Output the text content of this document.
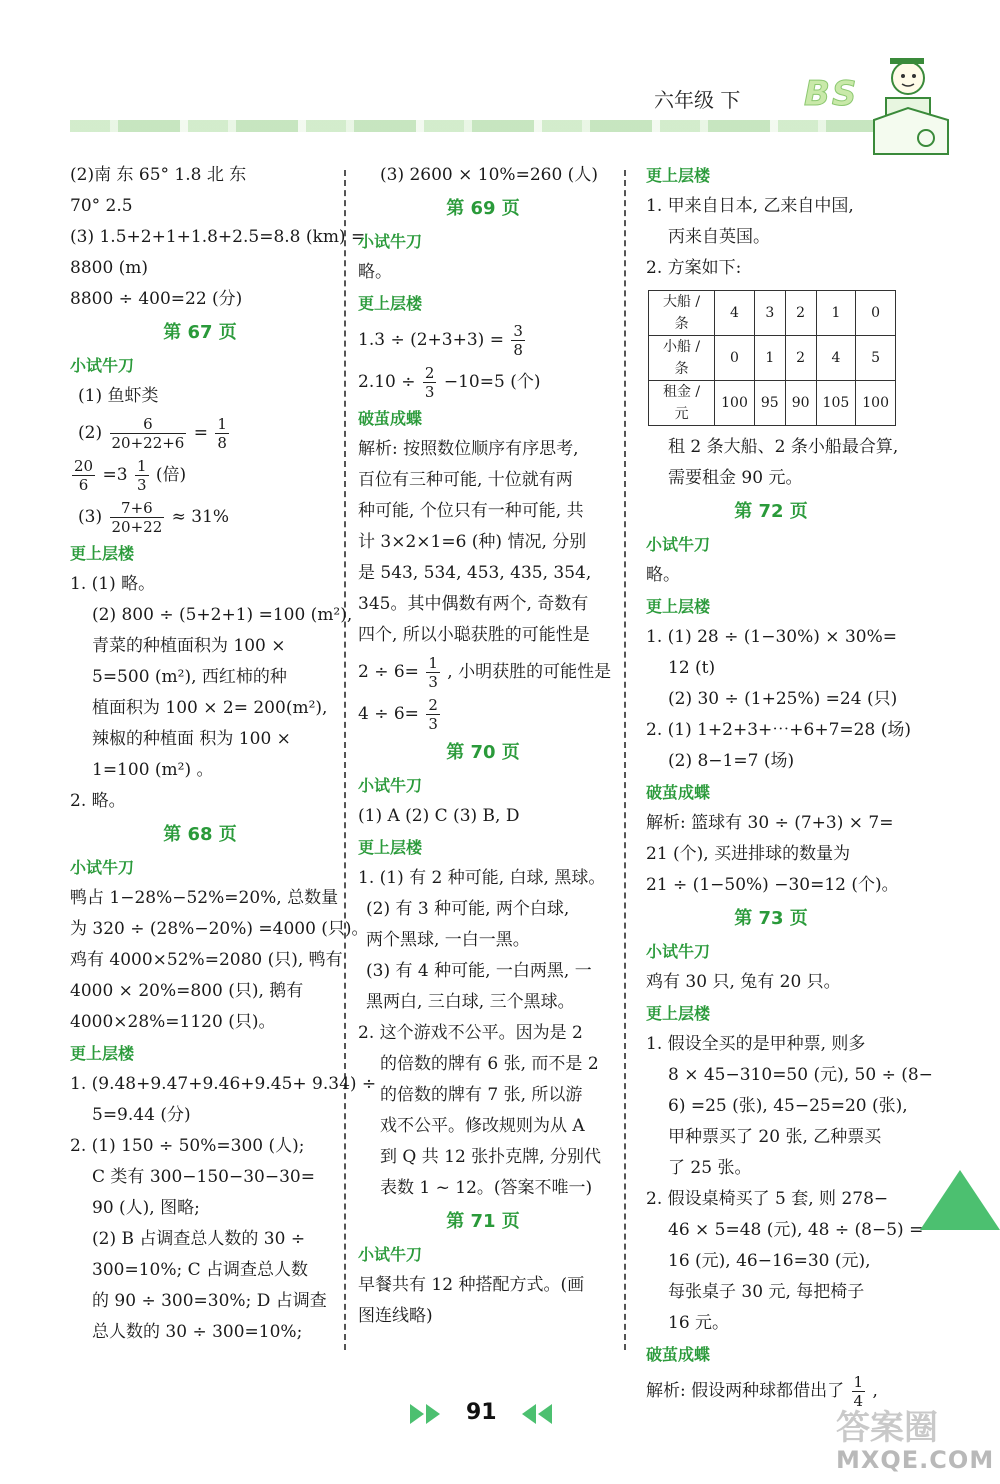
六年级 下 BS
(2)南 东 65° 1.8 北 东
70° 2.5
(3) 1.5+2+1+1.8+2.5=8.8 (km) =
8800 (m)
8800 ÷ 400=22 (分)
第 67 页
小试牛刀
(1) 鱼虾类
$(2) \frac{6}{20+22+6} = \frac{1}{8}$
$\frac{20}{6} =3 \frac{1}{3}$ (倍)
$(3) \frac{7+6}{20+22} \approx 31\%$
更上层楼
1. (1) 略。
(2) 800 ÷ (5+2+1) =100 (m²),
青菜的种植面积为 100 ×
5=500 (m²), 西红柿的种
植面积为 100 × 2= 200(m²),
辣椒的种植面 积为 100 ×
1=100 (m²) 。
2. 略。
第 68 页
小试牛刀
鸭占 1−28%−52%=20%, 总数量
为 320 ÷ (28%−20%) =4000 (只)。
鸡有 4000×52%=2080 (只), 鸭有
4000 × 20%=800 (只), 鹅有
4000×28%=1120 (只)。
更上层楼
1. (9.48+9.47+9.46+9.45+ 9.34) ÷
5=9.44 (分)
2. (1) 150 ÷ 50%=300 (人);
C 类有 300−150−30−30=
90 (人), 图略;
(2) B 占调查总人数的 30 ÷
300=10%; C 占调查总人数
的 90 ÷ 300=30%; D 占调查
总人数的 30 ÷ 300=10%;
(3) 2600 × 10%=260 (人)
第 69 页
小试牛刀
略。
更上层楼
$1.3 \div (2+3+3) = \frac{3}{8}$
$2.10 \div \frac{2}{3} -10=5$ (个)
破茧成蝶
解析: 按照数位顺序有序思考,
百位有三种可能, 十位就有两
种可能, 个位只有一种可能, 共
计 3×2×1=6 (种) 情况, 分别
是 543, 534, 453, 435, 354,
345。其中偶数有两个, 奇数有
四个, 所以小聪获胜的可能性是
$2 \div 6= \frac{1}{3}$ , 小明获胜的可能性是
$4 \div 6= \frac{2}{3}$
第 70 页
小试牛刀
(1) A (2) C (3) B, D
更上层楼
1. (1) 有 2 种可能, 白球, 黑球。
(2) 有 3 种可能, 两个白球,
两个黑球, 一白一黑。
(3) 有 4 种可能, 一白两黑, 一
黑两白, 三白球, 三个黑球。
2. 这个游戏不公平。因为是 2
的倍数的牌有 6 张, 而不是 2
的倍数的牌有 7 张, 所以游
戏不公平。修改规则为从 A
到 Q 共 12 张扑克牌, 分别代
表数 1 ~ 12。(答案不唯一)
第 71 页
小试牛刀
早餐共有 12 种搭配方式。(画
图连线略)
更上层楼
1. 甲来自日本, 乙来自中国,
丙来自英国。
2. 方案如下:
大船 / 条	4	3	2	1	0
小船 / 条	0	1	2	4	5
租金 / 元	100	95	90	105	100
租 2 条大船、2 条小船最合算,
需要租金 90 元。
第 72 页
小试牛刀
略。
更上层楼
1. (1) 28 ÷ (1−30%) × 30%=
12 (t)
(2) 30 ÷ (1+25%) =24 (只)
2. (1) 1+2+3+⋯+6+7=28 (场)
(2) 8−1=7 (场)
破茧成蝶
解析: 篮球有 30 ÷ (7+3) × 7=
21 (个), 买进排球的数量为
21 ÷ (1−50%) −30=12 (个)。
第 73 页
小试牛刀
鸡有 30 只, 兔有 20 只。
更上层楼
1. 假设全买的是甲种票, 则多
8 × 45−310=50 (元), 50 ÷ (8−
6) =25 (张), 45−25=20 (张),
甲种票买了 20 张, 乙种票买
了 25 张。
2. 假设桌椅买了 5 套, 则 278−
46 × 5=48 (元), 48 ÷ (8−5) =
16 (元), 46−16=30 (元),
每张桌子 30 元, 每把椅子
16 元。
破茧成蝶
解析: 假设两种球都借出了 $\frac{1}{4}$ ,
91	答案圈
MXQE.COM
